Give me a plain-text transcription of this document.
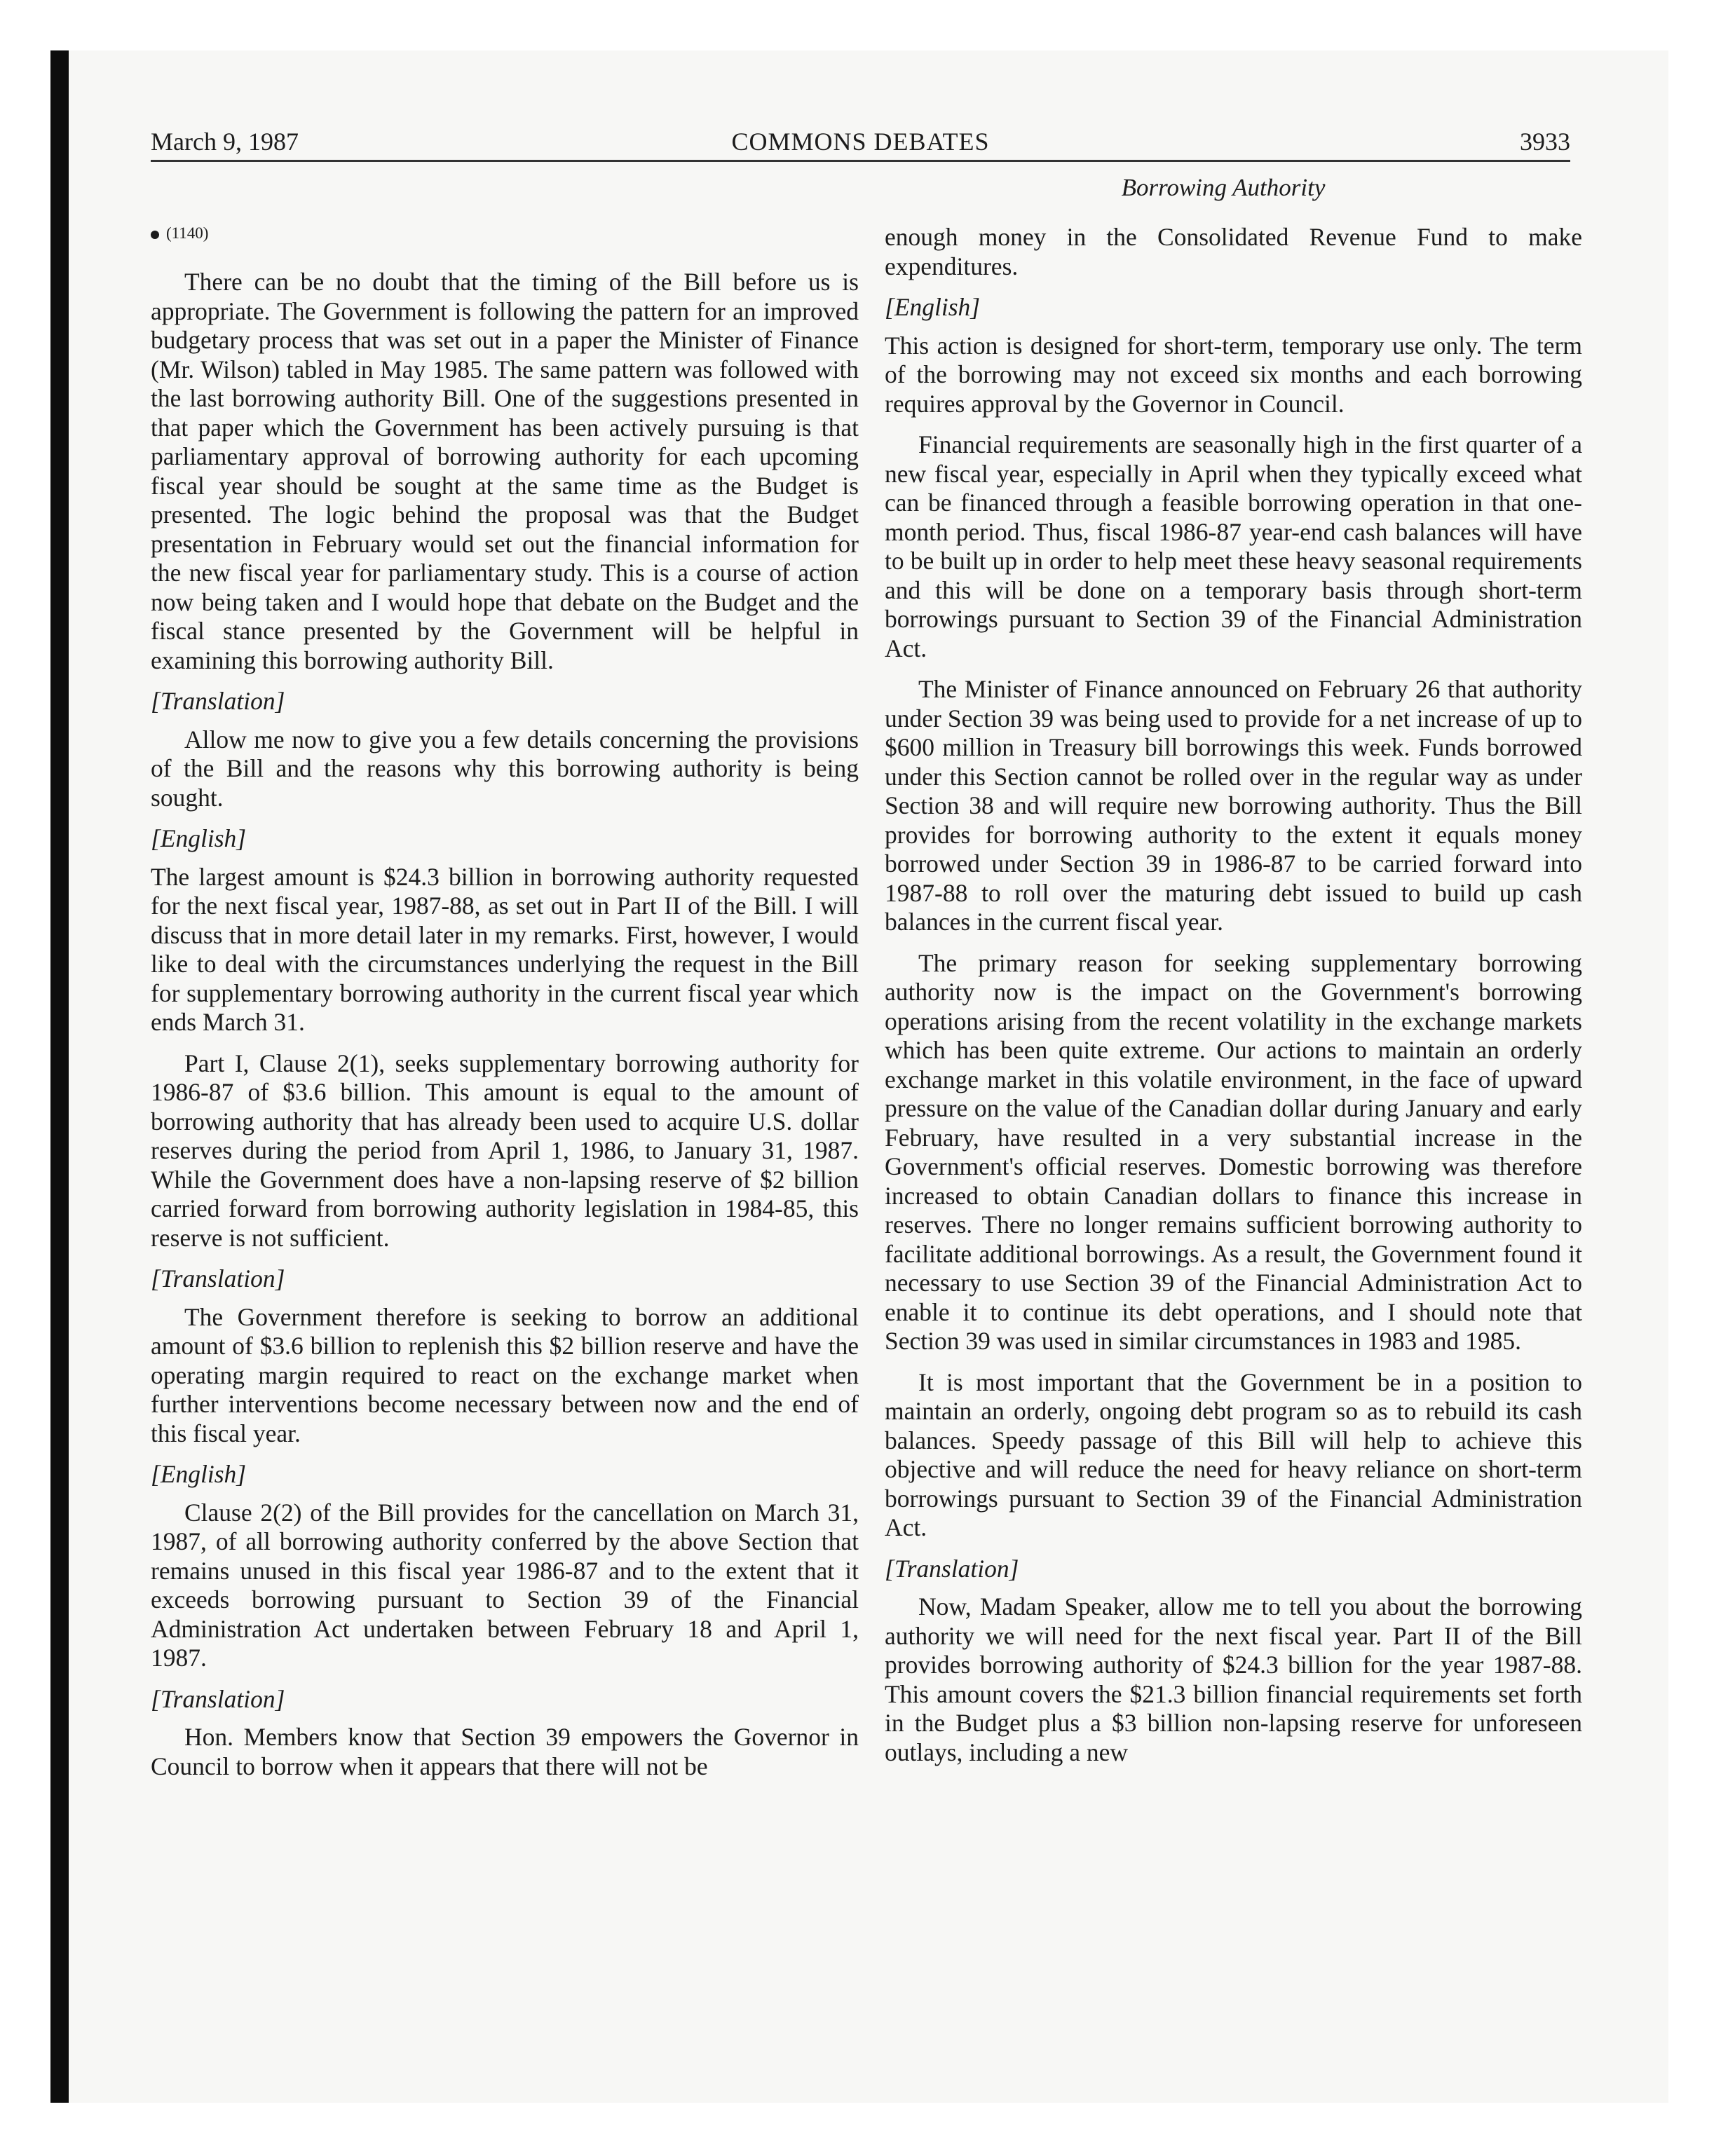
March 9, 1987	COMMONS DEBATES	3933
Borrowing Authority
(1140)

There can be no doubt that the timing of the Bill before us is appropriate. The Government is following the pattern for an improved budgetary process that was set out in a paper the Minister of Finance (Mr. Wilson) tabled in May 1985. The same pattern was followed with the last borrowing authority Bill. One of the suggestions presented in that paper which the Government has been actively pursuing is that parliamentary approval of borrowing authority for each upcoming fiscal year should be sought at the same time as the Budget is presented. The logic behind the proposal was that the Budget presentation in February would set out the financial information for the new fiscal year for parliamentary study. This is a course of action now being taken and I would hope that debate on the Budget and the fiscal stance presented by the Government will be helpful in examining this borrowing authority Bill.

[Translation]

Allow me now to give you a few details concerning the provisions of the Bill and the reasons why this borrowing authority is being sought.

[English]

The largest amount is $24.3 billion in borrowing authority requested for the next fiscal year, 1987-88, as set out in Part II of the Bill. I will discuss that in more detail later in my remarks. First, however, I would like to deal with the circumstances underlying the request in the Bill for supplementary borrowing authority in the current fiscal year which ends March 31.

Part I, Clause 2(1), seeks supplementary borrowing authority for 1986-87 of $3.6 billion. This amount is equal to the amount of borrowing authority that has already been used to acquire U.S. dollar reserves during the period from April 1, 1986, to January 31, 1987. While the Government does have a non-lapsing reserve of $2 billion carried forward from borrowing authority legislation in 1984-85, this reserve is not sufficient.

[Translation]

The Government therefore is seeking to borrow an additional amount of $3.6 billion to replenish this $2 billion reserve and have the operating margin required to react on the exchange market when further interventions become necessary between now and the end of this fiscal year.

[English]

Clause 2(2) of the Bill provides for the cancellation on March 31, 1987, of all borrowing authority conferred by the above Section that remains unused in this fiscal year 1986-87 and to the extent that it exceeds borrowing pursuant to Section 39 of the Financial Administration Act undertaken between February 18 and April 1, 1987.

[Translation]

Hon. Members know that Section 39 empowers the Governor in Council to borrow when it appears that there will not be

enough money in the Consolidated Revenue Fund to make expenditures.

[English]

This action is designed for short-term, temporary use only. The term of the borrowing may not exceed six months and each borrowing requires approval by the Governor in Council.

Financial requirements are seasonally high in the first quarter of a new fiscal year, especially in April when they typically exceed what can be financed through a feasible borrowing operation in that one-month period. Thus, fiscal 1986-87 year-end cash balances will have to be built up in order to help meet these heavy seasonal requirements and this will be done on a temporary basis through short-term borrowings pursuant to Section 39 of the Financial Administration Act.

The Minister of Finance announced on February 26 that authority under Section 39 was being used to provide for a net increase of up to $600 million in Treasury bill borrowings this week. Funds borrowed under this Section cannot be rolled over in the regular way as under Section 38 and will require new borrowing authority. Thus the Bill provides for borrowing authority to the extent it equals money borrowed under Section 39 in 1986-87 to be carried forward into 1987-88 to roll over the maturing debt issued to build up cash balances in the current fiscal year.

The primary reason for seeking supplementary borrowing authority now is the impact on the Government's borrowing operations arising from the recent volatility in the exchange markets which has been quite extreme. Our actions to maintain an orderly exchange market in this volatile environment, in the face of upward pressure on the value of the Canadian dollar during January and early February, have resulted in a very substantial increase in the Government's official reserves. Domestic borrowing was therefore increased to obtain Canadian dollars to finance this increase in reserves. There no longer remains sufficient borrowing authority to facilitate additional borrowings. As a result, the Government found it necessary to use Section 39 of the Financial Administration Act to enable it to continue its debt operations, and I should note that Section 39 was used in similar circumstances in 1983 and 1985.

It is most important that the Government be in a position to maintain an orderly, ongoing debt program so as to rebuild its cash balances. Speedy passage of this Bill will help to achieve this objective and will reduce the need for heavy reliance on short-term borrowings pursuant to Section 39 of the Financial Administration Act.

[Translation]

Now, Madam Speaker, allow me to tell you about the borrowing authority we will need for the next fiscal year. Part II of the Bill provides borrowing authority of $24.3 billion for the year 1987-88. This amount covers the $21.3 billion financial requirements set forth in the Budget plus a $3 billion non-lapsing reserve for unforeseen outlays, including a new
